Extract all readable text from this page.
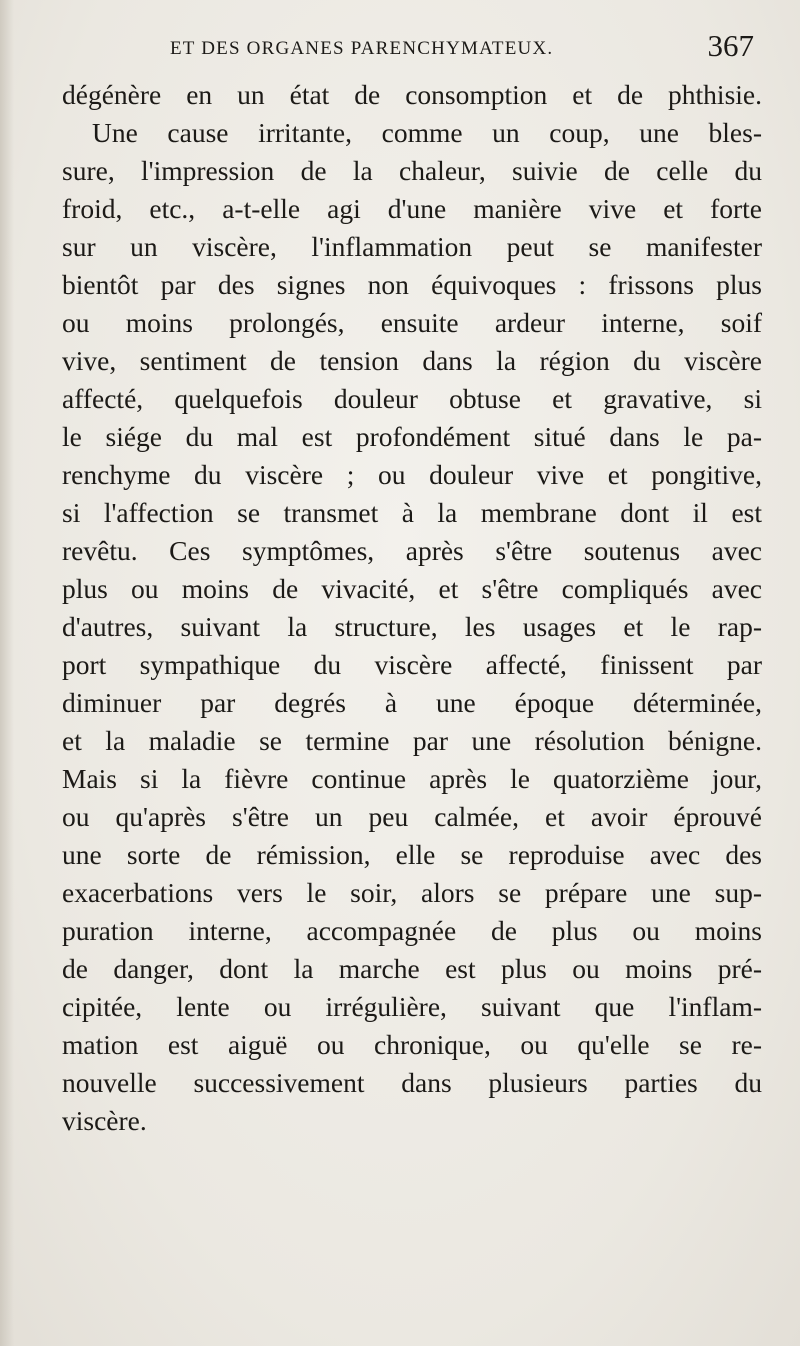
ET DES ORGANES PARENCHYMATEUX.	367
dégénère en un état de consomption et de phthisie.
Une cause irritante, comme un coup, une bles-
sure, l'impression de la chaleur, suivie de celle du
froid, etc., a-t-elle agi d'une manière vive et forte
sur un viscère, l'inflammation peut se manifester
bientôt par des signes non équivoques : frissons plus
ou moins prolongés, ensuite ardeur interne, soif
vive, sentiment de tension dans la région du viscère
affecté, quelquefois douleur obtuse et gravative, si
le siége du mal est profondément situé dans le pa-
renchyme du viscère ; ou douleur vive et pongitive,
si l'affection se transmet à la membrane dont il est
revêtu. Ces symptômes, après s'être soutenus avec
plus ou moins de vivacité, et s'être compliqués avec
d'autres, suivant la structure, les usages et le rap-
port sympathique du viscère affecté, finissent par
diminuer par degrés à une époque déterminée,
et la maladie se termine par une résolution bénigne.
Mais si la fièvre continue après le quatorzième jour,
ou qu'après s'être un peu calmée, et avoir éprouvé
une sorte de rémission, elle se reproduise avec des
exacerbations vers le soir, alors se prépare une sup-
puration interne, accompagnée de plus ou moins
de danger, dont la marche est plus ou moins pré-
cipitée, lente ou irrégulière, suivant que l'inflam-
mation est aiguë ou chronique, ou qu'elle se re-
nouvelle successivement dans plusieurs parties du
viscère.
